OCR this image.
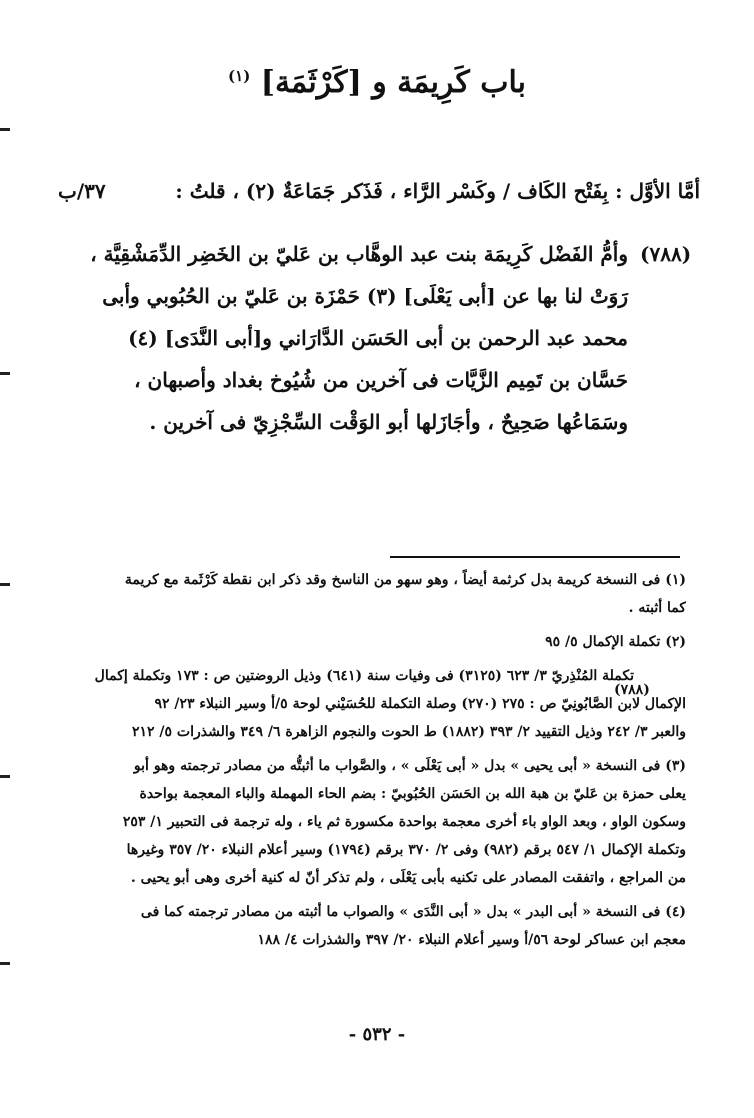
باب كَرِيمَة و [كَرْثَمَة] $^{(١)}$
٣٧/ب
(٧٨٨)
أمَّا الأوَّل : بِفَتْح الكَاف / وكَسْر الرَّاء ، فَذَكر جَمَاعَةٌ (٢) ، قلتُ :
وأمُّ الفَضْل كَرِيمَة بنت عبد الوهَّاب بن عَليّ بن الخَضِر الدِّمَشْقِيَّة ،
رَوَتْ لنا بها عن [أبى يَعْلَى] (٣) حَمْزَة بن عَليّ بن الحُبُوبي وأبى
محمد عبد الرحمن بن أبى الحَسَن الدَّارَاني و[أبى النَّدَى] (٤)
حَسَّان بن تَمِيم الزَّيَّات فى آخرين من شُيُوخ بغداد وأصبهان ،
وسَمَاعُها صَحِيحٌ ، وأجَازَلها أبو الوَقْت السِّجْزِيّ فى آخرين .
(٧٨٨)
(١) فى النسخة كريمة بدل كرثمة أيضاً ، وهو سهو من الناسخ وقد ذكر ابن نقطة كَرْثَمة مع كريمة
كما أثبته .
(٢) تكملة الإكمال ٥/ ٩٥
تكملة المُنْذِريّ ٣/ ٦٢٣ (٣١٢٥) فى وفيات سنة (٦٤١) وذيل الروضتين ص : ١٧٣ وتكملة إكمال
الإكمال لابن الصَّابُونِيّ ص : ٢٧٥ (٢٧٠) وصلة التكملة للحُسَيْني لوحة ٥/أ وسير النبلاء ٢٣/ ٩٢
والعبر ٣/ ٢٤٢ وذيل التقييد ٢/ ٣٩٣ (١٨٨٢) ط الحوت والنجوم الزاهرة ٦/ ٣٤٩ والشذرات ٥/ ٢١٢
(٣) فى النسخة « أبى يحيى » بدل « أبى يَعْلَى » ، والصَّواب ما أثبتُّه من مصادر ترجمته وهو أبو
يعلى حمزة بن عَليّ بن هبة الله بن الحَسَن الحُبُوبيّ : بضم الحاء المهملة والباء المعجمة بواحدة
وسكون الواو ، وبعد الواو باء أخرى معجمة بواحدة مكسورة ثم ياء ، وله ترجمة فى التحبير ١/ ٢٥٣
وتكملة الإكمال ١/ ٥٤٧ برقم (٩٨٢) وفى ٢/ ٣٧٠ برقم (١٧٩٤) وسير أعلام النبلاء ٢٠/ ٣٥٧ وغيرها
من المراجع ، واتفقت المصادر على تكنيه بأبى يَعْلَى ، ولم تذكر أنّ له كنية أخرى وهى أبو يحيى .
(٤) فى النسخة « أبى البدر » بدل « أبى النَّدَى » والصواب ما أثبته من مصادر ترجمته كما فى
معجم ابن عساكر لوحة ٥٦/أ وسير أعلام النبلاء ٢٠/ ٣٩٧ والشذرات ٤/ ١٨٨
- ٥٣٢ -
